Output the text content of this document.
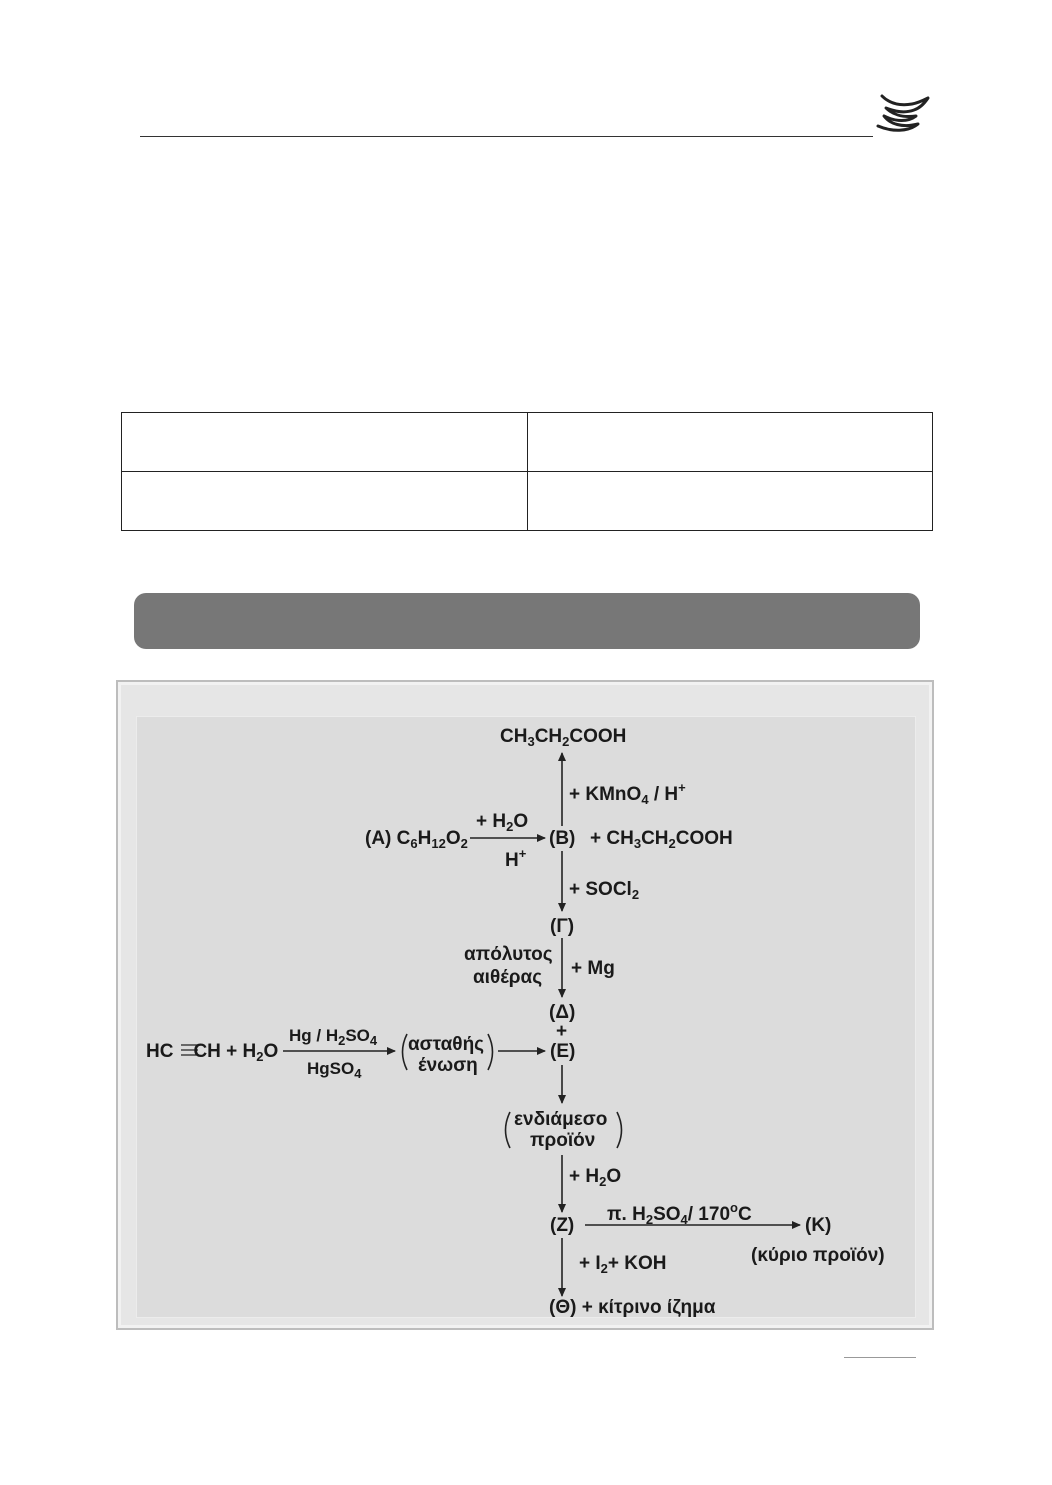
$CH_3CH_2COOH$
+ KMnO$_4$ / H+
(A) $C_6H_{12}O_2$
+ $H_2O$
H+
$(B) + CH_3CH_2COOH$
+ SOCl$_2$
(Γ)
απόλυτος
αιθέρας + Mg
(Δ)
+
HC CH + $H_2O$
Hg / $H_2SO_4$
HgSO$_4$
ασταθής
ένωση
(Ε)
ενδιάμεσο
προϊόν
+ $H_2O$
(Ζ)
π. $H_2SO_4/$ 170$^o$C
(Κ)
(κύριο προϊόν)
+ $I_2+$ KOH
(Θ) + κίτρινο ίζημα
